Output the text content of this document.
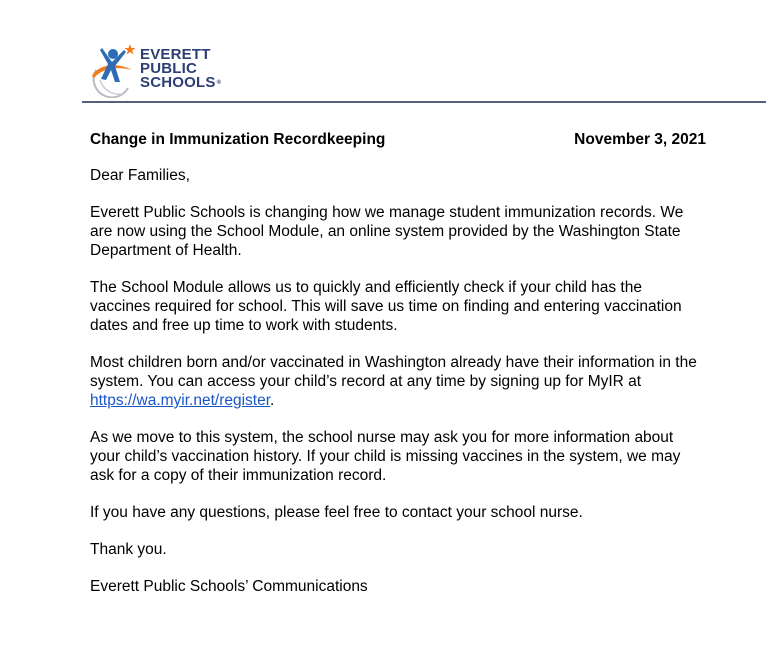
EVERETT
PUBLIC
SCHOOLS®
Change in Immunization Recordkeeping	November 3, 2021

Dear Families,

Everett Public Schools is changing how we manage student immunization records. We are now using the School Module, an online system provided by the Washington State Department of Health.

The School Module allows us to quickly and efficiently check if your child has the vaccines required for school. This will save us time on finding and entering vaccination dates and free up time to work with students.

Most children born and/or vaccinated in Washington already have their information in the system. You can access your child’s record at any time by signing up for MyIR at https://wa.myir.net/register.

As we move to this system, the school nurse may ask you for more information about your child’s vaccination history. If your child is missing vaccines in the system, we may ask for a copy of their immunization record.

If you have any questions, please feel free to contact your school nurse.

Thank you.

Everett Public Schools’ Communications
